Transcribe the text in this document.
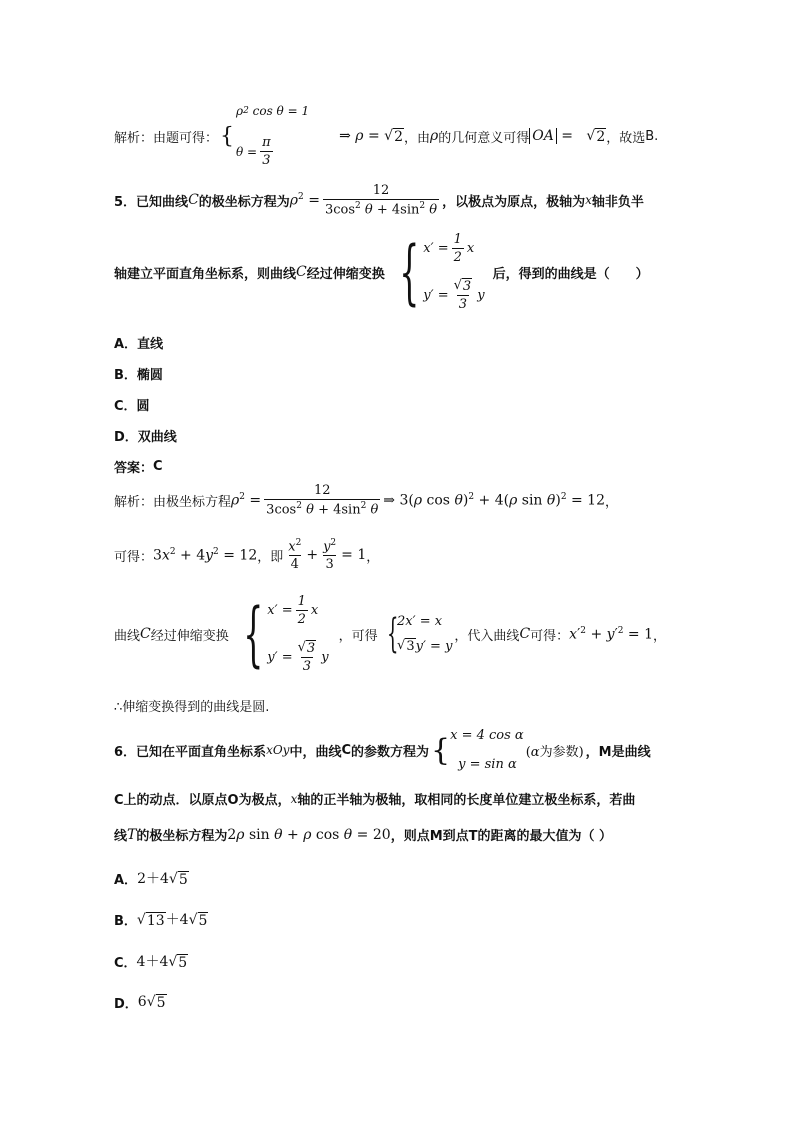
解析：由题可得： {
ρ 2 cos θ = 1
$\theta = \frac{\pi}{3}$	⇒ ρ = √ 2 ，由 ρ 的几何意义可得 OA =   √ 2 ，故选 B.
5． 已知曲线 C 的极坐标方程为 $\rho^2 = \frac{12}{3\cos^2 \theta + 4\sin^2 \theta}$ ，以极点为原点，极轴为 x 轴非负半
轴建立平面直角坐标系，则曲线 C 经过伸缩变换 { $x' = \frac{1}{2}$ x
$y' = \frac{√ 3}{3}$ y
后，得到的曲线是（　　）
A． 直线
B． 椭圆
C． 圆
D． 双曲线
答案： C
解析：由极坐标方程 $\rho^2 = \frac{12}{3\cos^2 \theta + 4\sin^2 \theta}$ ⇒ 3(ρ cos θ)$^2$ + 4(ρ sin θ)$^2$ = 12 ，
可得： $3x^2 + 4y^2 = 12$ ，即 $\frac{x^2}{4} + \frac{y^2}{3} = 1$ ，
曲线 C 经过伸缩变换 { $x' = \frac{1}{2}$ x
$y' = \frac{√ 3}{3}$ y
，可得 {
2x′ = x
√ 3 y′ = y
，代入曲线 C 可得： $x'^2 + y'^2 = 1$ ，
∴伸缩变换得到的曲线是圆.
6． 已知在平面直角坐标系 xOy 中，曲线 C 的参数方程为 { x = 4 cos α
y = sin α
(α为参数) ，M是曲线
C上的动点．以原点O为极点， x 轴的正半轴为极轴，取相同的长度单位建立极坐标系，若曲
线 T 的极坐标方程为 2ρ sin θ + ρ cos θ = 20 ，则点M到点T的距离的最大值为（ ）
A． 2＋4√ 5
B． √ 13 ＋4√ 5
C． 4＋4√ 5
D． 6√ 5
